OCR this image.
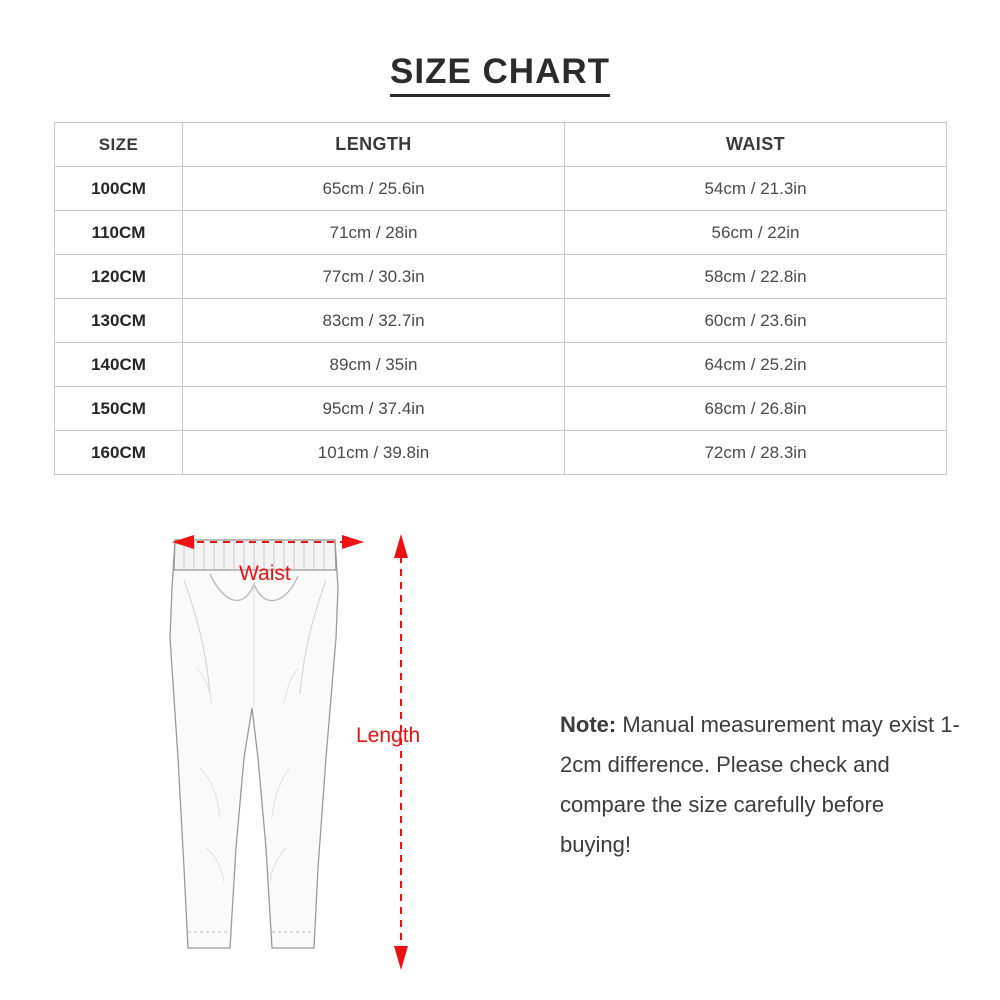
SIZE CHART
SIZE	LENGTH	WAIST
100CM	65cm / 25.6in	54cm / 21.3in
110CM	71cm / 28in	56cm / 22in
120CM	77cm / 30.3in	58cm / 22.8in
130CM	83cm / 32.7in	60cm / 23.6in
140CM	89cm / 35in	64cm / 25.2in
150CM	95cm / 37.4in	68cm / 26.8in
160CM	101cm / 39.8in	72cm / 28.3in
Waist
Length	Note: Manual measurement may exist 1-2cm difference. Please check and compare the size carefully before buying!
